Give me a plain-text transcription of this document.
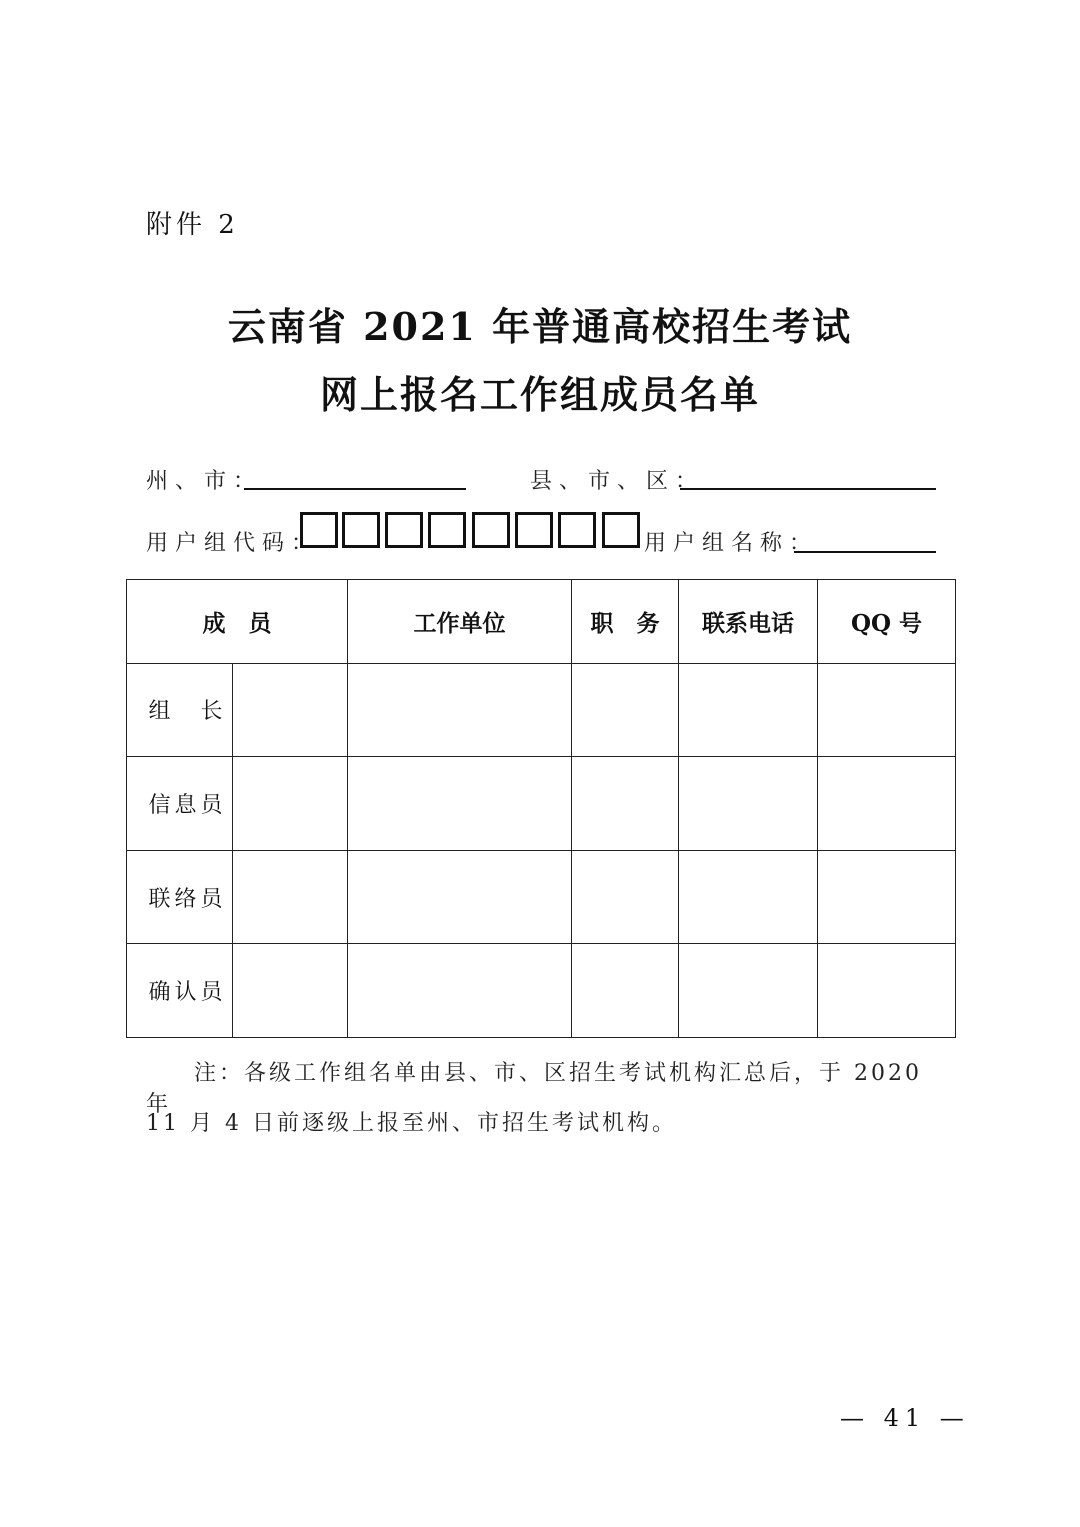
附件 2
云南省 2021 年普通高校招生考试
网上报名工作组成员名单
州、市：	县、市、区：
用户组代码：	用户组名称：
成　员		工作单位	职　务	联系电话	QQ 号
组　长					
信息员					
联络员					
确认员					
注：各级工作组名单由县、市、区招生考试机构汇总后，于 2020 年
11 月 4 日前逐级上报至州、市招生考试机构。
— 41 —
